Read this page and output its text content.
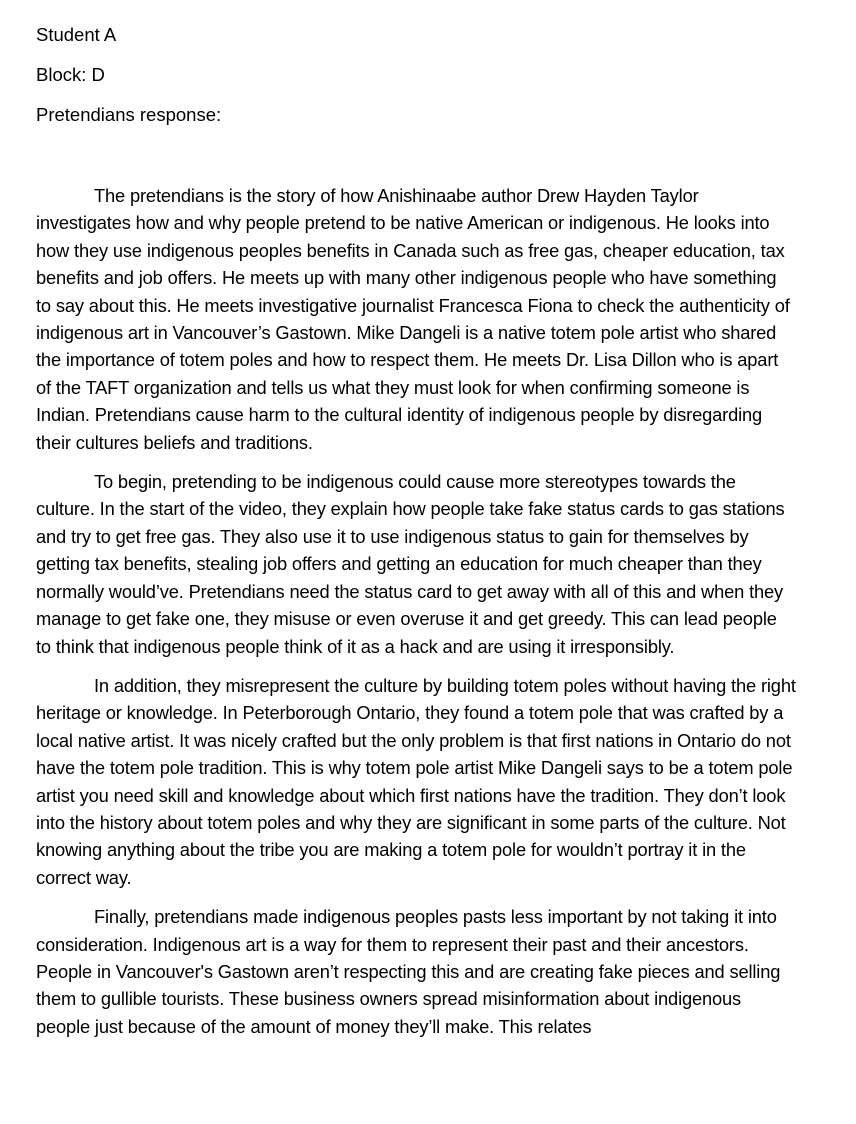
Student A
Block: D
Pretendians response:

The pretendians is the story of how Anishinaabe author Drew Hayden Taylor investigates how and why people pretend to be native American or indigenous. He looks into how they use indigenous peoples benefits in Canada such as free gas, cheaper education, tax benefits and job offers. He meets up with many other indigenous people who have something to say about this. He meets investigative journalist Francesca Fiona to check the authenticity of indigenous art in Vancouver’s Gastown. Mike Dangeli is a native totem pole artist who shared the importance of totem poles and how to respect them. He meets Dr. Lisa Dillon who is apart of the TAFT organization and tells us what they must look for when confirming someone is Indian. Pretendians cause harm to the cultural identity of indigenous people by disregarding their cultures beliefs and traditions.

To begin, pretending to be indigenous could cause more stereotypes towards the culture. In the start of the video, they explain how people take fake status cards to gas stations and try to get free gas. They also use it to use indigenous status to gain for themselves by getting tax benefits, stealing job offers and getting an education for much cheaper than they normally would’ve. Pretendians need the status card to get away with all of this and when they manage to get fake one, they misuse or even overuse it and get greedy. This can lead people to think that indigenous people think of it as a hack and are using it irresponsibly.

In addition, they misrepresent the culture by building totem poles without having the right heritage or knowledge. In Peterborough Ontario, they found a totem pole that was crafted by a local native artist. It was nicely crafted but the only problem is that first nations in Ontario do not have the totem pole tradition. This is why totem pole artist Mike Dangeli says to be a totem pole artist you need skill and knowledge about which first nations have the tradition. They don’t look into the history about totem poles and why they are significant in some parts of the culture. Not knowing anything about the tribe you are making a totem pole for wouldn’t portray it in the correct way.

Finally, pretendians made indigenous peoples pasts less important by not taking it into consideration. Indigenous art is a way for them to represent their past and their ancestors. People in Vancouver's Gastown aren’t respecting this and are creating fake pieces and selling them to gullible tourists. These business owners spread misinformation about indigenous people just because of the amount of money they’ll make. This relates
